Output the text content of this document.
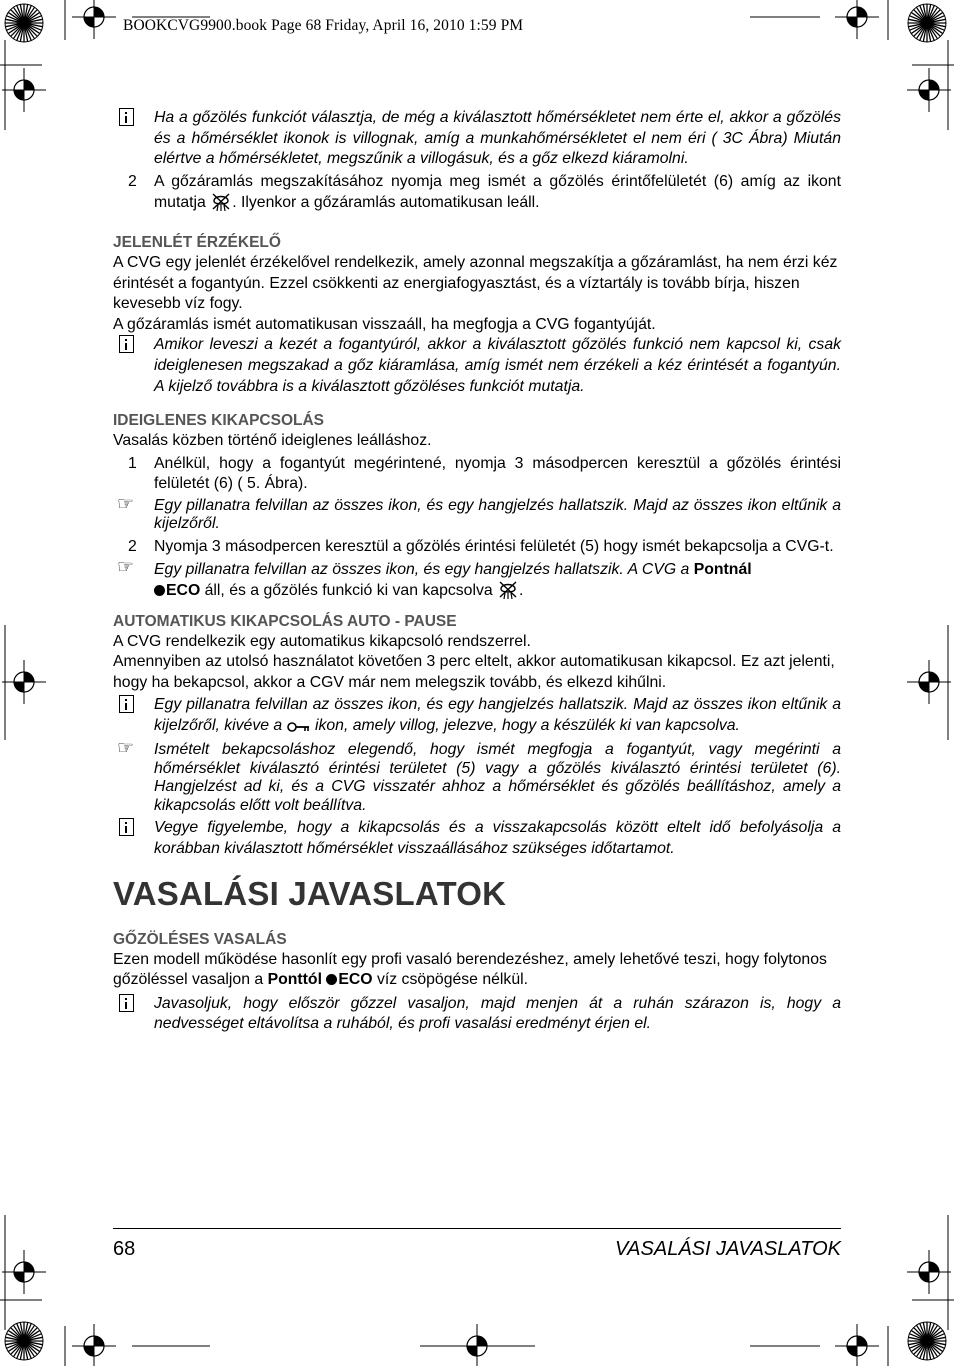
BOOKCVG9900.book Page 68 Friday, April 16, 2010 1:59 PM

Ha a gőzölés funkciót választja, de még a kiválasztott hőmérsékletet nem érte el, akkor a gőzölés és a hőmérséklet ikonok is villognak, amíg a munkahőmérsékletet el nem éri ( 3C Ábra) Miután elértve a hőmérsékletet, megszűnik a villogásuk, és a gőz elkezd kiáramolni.

2 A gőzáramlás megszakításához nyomja meg ismét a gőzölés érintőfelületét (6) amíg az ikont mutatja . Ilyenkor a gőzáramlás automatikusan leáll.

JELENLÉT ÉRZÉKELŐ

A CVG egy jelenlét érzékelővel rendelkezik, amely azonnal megszakítja a gőzáramlást, ha nem érzi kéz érintését a fogantyún. Ezzel csökkenti az energiafogyasztást, és a víztartály is tovább bírja, hiszen kevesebb víz fogy.

A gőzáramlás ismét automatikusan visszaáll, ha megfogja a CVG fogantyúját.

Amikor leveszi a kezét a fogantyúról, akkor a kiválasztott gőzölés funkció nem kapcsol ki, csak ideiglenesen megszakad a gőz kiáramlása, amíg ismét nem érzékeli a kéz érintését a fogantyún. A kijelző továbbra is a kiválasztott gőzöléses funkciót mutatja.

IDEIGLENES KIKAPCSOLÁS

Vasalás közben történő ideiglenes leálláshoz.

1 Anélkül, hogy a fogantyút megérintené, nyomja 3 másodpercen keresztül a gőzölés érintési felületét (6) ( 5. Ábra).

☞ Egy pillanatra felvillan az összes ikon, és egy hangjelzés hallatszik. Majd az összes ikon eltűnik a kijelzőről.

2 Nyomja 3 másodpercen keresztül a gőzölés érintési felületét (5) hogy ismét bekapcsolja a CVG-t.

☞ Egy pillanatra felvillan az összes ikon, és egy hangjelzés hallatszik. A CVG a Pontnál
ECO áll, és a gőzölés funkció ki van kapcsolva .

AUTOMATIKUS KIKAPCSOLÁS AUTO - PAUSE

A CVG rendelkezik egy automatikus kikapcsoló rendszerrel.

Amennyiben az utolsó használatot követően 3 perc eltelt, akkor automatikusan kikapcsol. Ez azt jelenti, hogy ha bekapcsol, akkor a CGV már nem melegszik tovább, és elkezd kihűlni.

Egy pillanatra felvillan az összes ikon, és egy hangjelzés hallatszik. Majd az összes ikon eltűnik a kijelzőről, kivéve a  ikon, amely villog, jelezve, hogy a készülék ki van kapcsolva.

☞ Ismételt bekapcsoláshoz elegendő, hogy ismét megfogja a fogantyút, vagy megérinti a hőmérséklet kiválasztó érintési területet (5) vagy a gőzölés kiválasztó érintési területet (6). Hangjelzést ad ki, és a CVG visszatér ahhoz a hőmérséklet és gőzölés beállításhoz, amely a kikapcsolás előtt volt beállítva.

Vegye figyelembe, hogy a kikapcsolás és a visszakapcsolás között eltelt idő befolyásolja a korábban kiválasztott hőmérséklet visszaállásához szükséges időtartamot.

VASALÁSI JAVASLATOK
GŐZÖLÉSES VASALÁS

Ezen modell működése hasonlít egy profi vasaló berendezéshez, amely lehetővé teszi, hogy folytonos gőzöléssel vasaljon a Ponttól ECO víz csöpögése nélkül.

Javasoljuk, hogy először gőzzel vasaljon, majd menjen át a ruhán szárazon is, hogy a nedvességet eltávolítsa a ruhából, és profi vasalási eredményt érjen el.

68	VASALÁSI JAVASLATOK
